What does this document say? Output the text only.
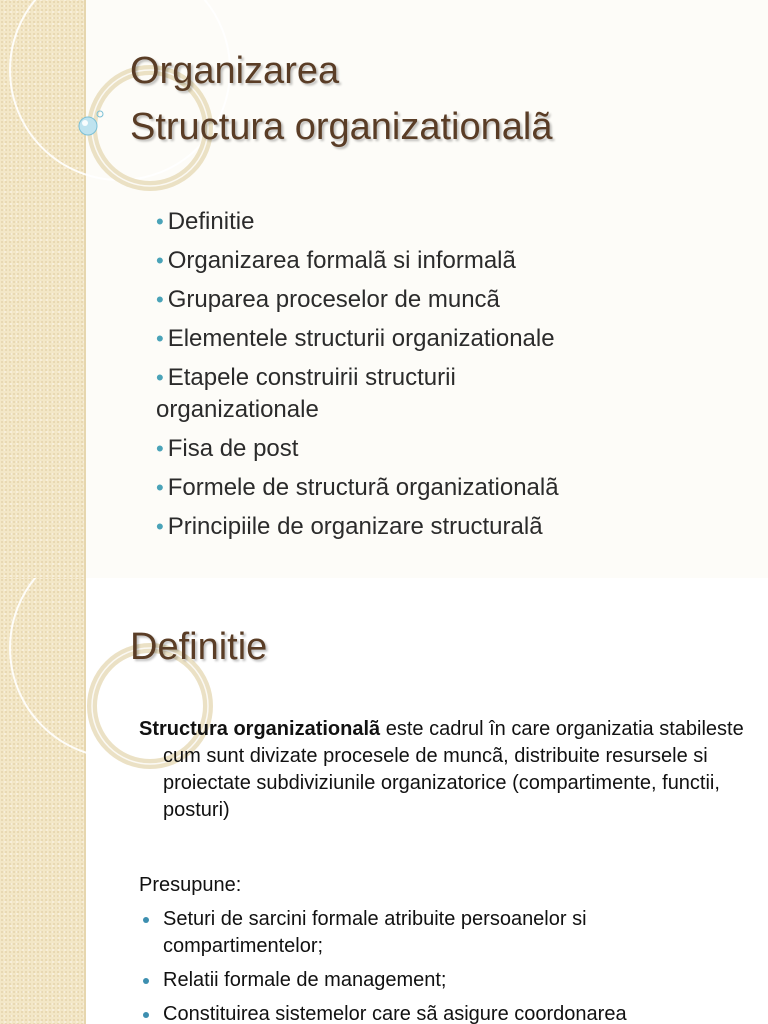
Organizarea
Structura organizationalã
• Definitie
• Organizarea formalã si informalã
• Gruparea proceselor de muncã
• Elementele structurii organizationale
• Etapele construirii structurii
organizationale
• Fisa de post
• Formele de structurã organizationalã
• Principiile de organizare structuralã
Definitie

Structura organizationalã este cadrul în care organizatia stabileste cum sunt divizate procesele de muncã, distribuite resursele si proiectate subdiviziunile organizatorice (compartimente, functii, posturi)

Presupune:
Seturi de sarcini formale atribuite persoanelor si compartimentelor;
Relatii formale de management;
Constituirea sistemelor care sã asigure coordonarea
